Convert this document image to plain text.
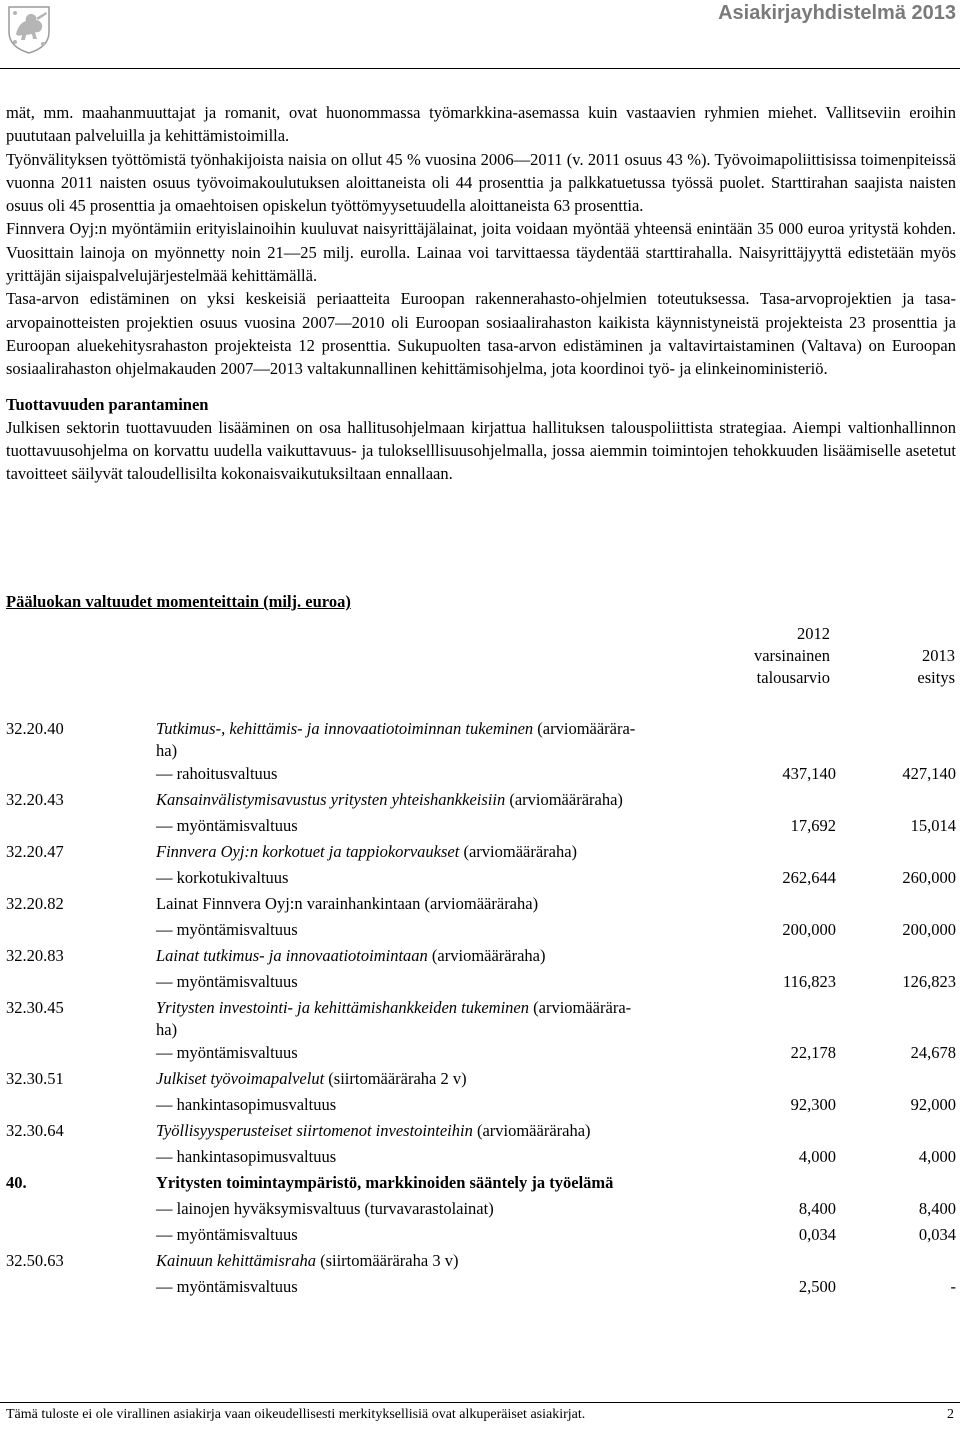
Asiakirjayhdistelmä 2013

mät, mm. maahanmuuttajat ja romanit, ovat huonommassa työmarkkina-asemassa kuin vastaavien ryhmien miehet. Vallitseviin eroihin puututaan palveluilla ja kehittämistoimilla.

Työnvälityksen työttömistä työnhakijoista naisia on ollut 45 % vuosina 2006—2011 (v. 2011 osuus 43 %). Työvoimapoliittisissa toimenpiteissä vuonna 2011 naisten osuus työvoimakoulutuksen aloittaneista oli 44 prosenttia ja palkkatuetussa työssä puolet. Starttirahan saajista naisten osuus oli 45 prosenttia ja omaehtoisen opiskelun työttömyysetuudella aloittaneista 63 prosenttia.

Finnvera Oyj:n myöntämiin erityislainoihin kuuluvat naisyrittäjälainat, joita voidaan myöntää yhteensä enintään 35 000 euroa yritystä kohden. Vuosittain lainoja on myönnetty noin 21—25 milj. eurolla. Lainaa voi tarvittaessa täydentää starttirahalla. Naisyrittäjyyttä edistetään myös yrittäjän sijaispalvelujärjestelmää kehittämällä.

Tasa-arvon edistäminen on yksi keskeisiä periaatteita Euroopan rakennerahasto-ohjelmien toteutuksessa. Tasa-arvoprojektien ja tasa-arvopainotteisten projektien osuus vuosina 2007—2010 oli Euroopan sosiaalirahaston kaikista käynnistyneistä projekteista 23 prosenttia ja Euroopan aluekehitysrahaston projekteista 12 prosenttia. Sukupuolten tasa-arvon edistäminen ja valtavirtaistaminen (Valtava) on Euroopan sosiaalirahaston ohjelmakauden 2007—2013 valtakunnallinen kehittämisohjelma, jota koordinoi työ- ja elinkeinoministeriö.

Tuottavuuden parantaminen

Julkisen sektorin tuottavuuden lisääminen on osa hallitusohjelmaan kirjattua hallituksen talouspoliittista strategiaa. Aiempi valtionhallinnon tuottavuusohjelma on korvattu uudella vaikuttavuus- ja tulokselllisuusohjelmalla, jossa aiemmin toimintojen tehokkuuden lisäämiselle asetetut tavoitteet säilyvät taloudellisilta kokonaisvaikutuksiltaan ennallaan.

Pääluokan valtuudet momenteittain (milj. euroa)
2012
varsinainen
talousarvio
2013
esitys
32.20.40	Tutkimus-, kehittämis- ja innovaatiotoiminnan tukeminen (arviomäärära-
ha)
— rahoitusvaltuus	437,140	427,140
32.20.43	Kansainvälistymisavustus yritysten yhteishankkeisiin (arviomääräraha)
— myöntämisvaltuus	17,692	15,014
32.20.47	Finnvera Oyj:n korkotuet ja tappiokorvaukset (arviomääräraha)
— korkotukivaltuus	262,644	260,000
32.20.82	Lainat Finnvera Oyj:n varainhankintaan (arviomääräraha)
— myöntämisvaltuus	200,000	200,000
32.20.83	Lainat tutkimus- ja innovaatiotoimintaan (arviomääräraha)
— myöntämisvaltuus	116,823	126,823
32.30.45	Yritysten investointi- ja kehittämishankkeiden tukeminen (arviomäärära-
ha)
— myöntämisvaltuus	22,178	24,678
32.30.51	Julkiset työvoimapalvelut (siirtomääräraha 2 v)
— hankintasopimusvaltuus	92,300	92,000
32.30.64	Työllisyysperusteiset siirtomenot investointeihin (arviomääräraha)
— hankintasopimusvaltuus	4,000	4,000
40.	Yritysten toimintaympäristö, markkinoiden sääntely ja työelämä
— lainojen hyväksymisvaltuus (turvavarastolainat)	8,400	8,400
— myöntämisvaltuus	0,034	0,034
32.50.63	Kainuun kehittämisraha (siirtomääräraha 3 v)
— myöntämisvaltuus	2,500	-
Tämä tuloste ei ole virallinen asiakirja vaan oikeudellisesti merkityksellisiä ovat alkuperäiset asiakirjat.	2
